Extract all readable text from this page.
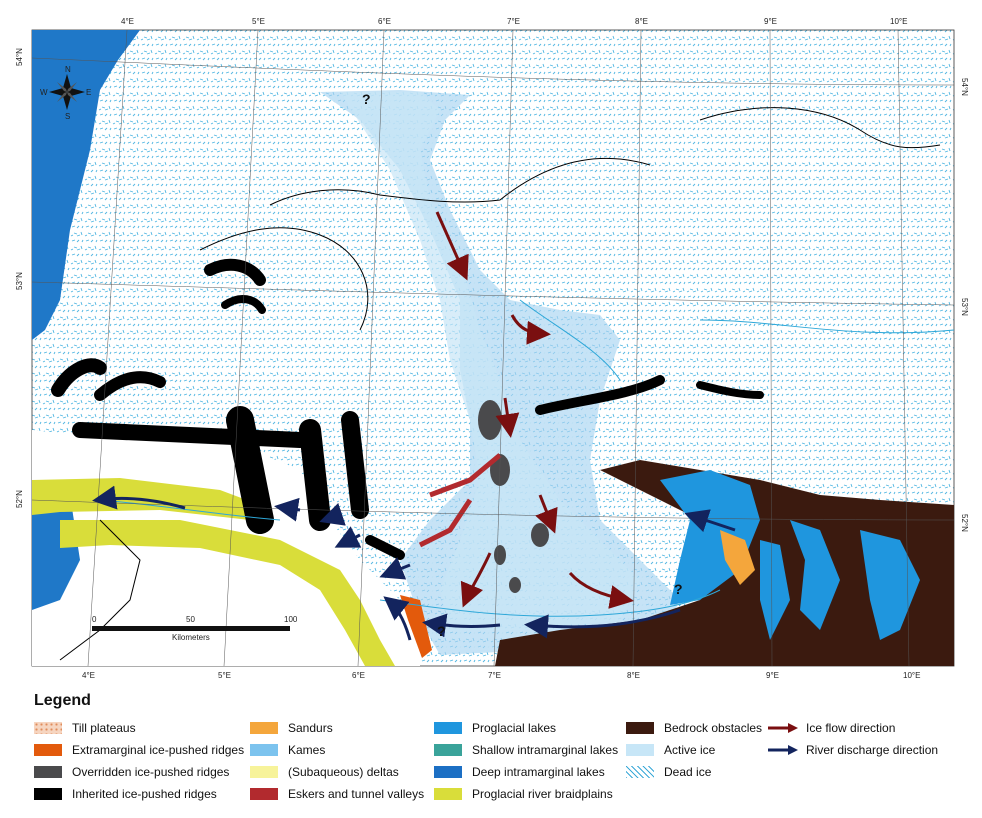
4°E	5°E	6°E	7°E	8°E	9°E	10°E
4°E	5°E	6°E	7°E	8°E	9°E	10°E
54°N
53°N
52°N
54°N
53°N
52°N
?
?
?
N
S
E
W
0	50	100
Kilometers
Legend
Till plateaus
Extramarginal ice-pushed ridges
Overridden ice-pushed ridges
Inherited ice-pushed ridges
Sandurs
Kames
(Subaqueous) deltas
Eskers and tunnel valleys
Proglacial lakes
Shallow intramarginal lakes
Deep intramarginal lakes
Proglacial river braidplains
Bedrock obstacles
Active ice
Dead ice
Ice flow direction
River discharge direction
